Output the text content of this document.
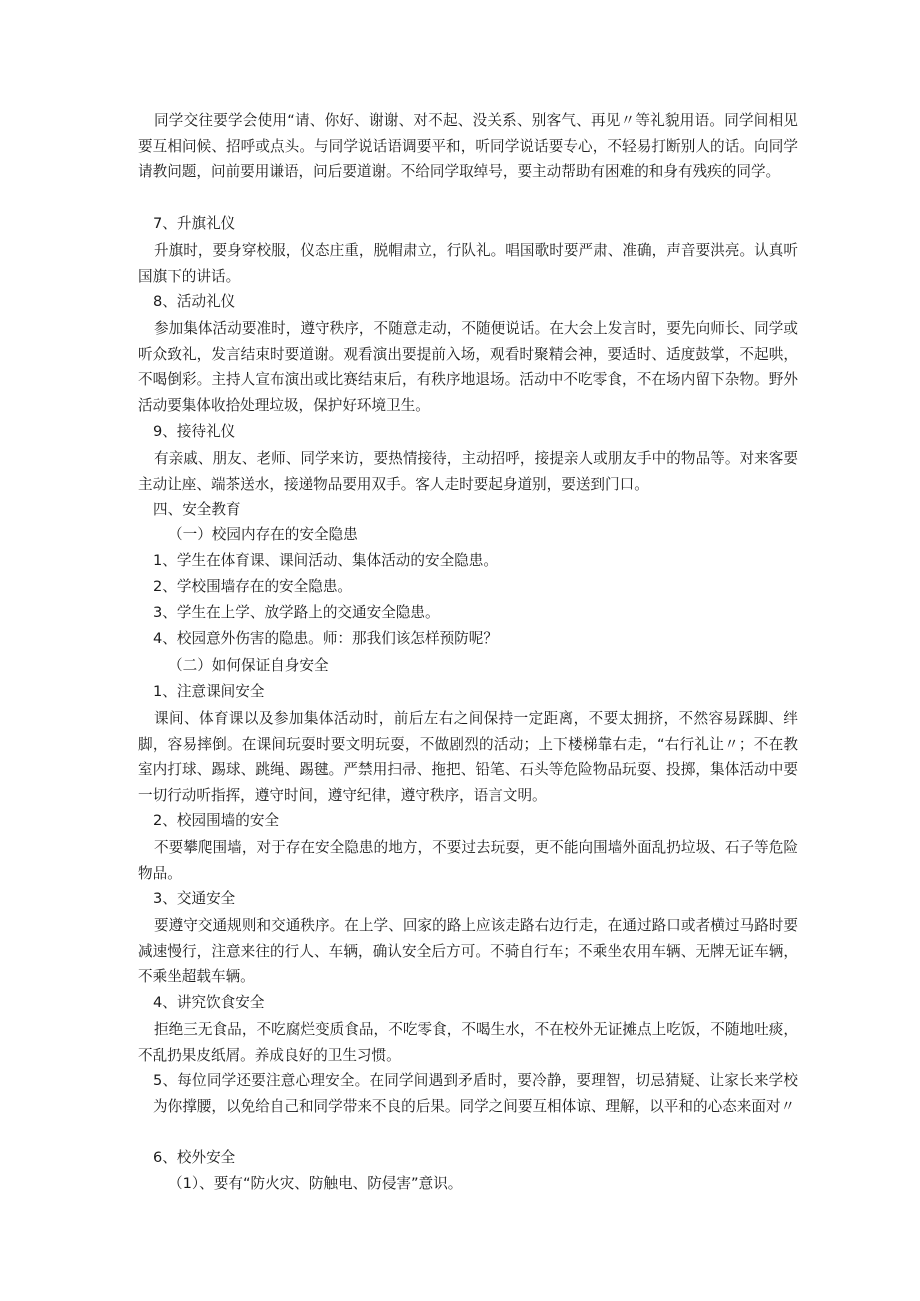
同学交往要学会使用“请、你好、谢谢、对不起、没关系、别客气、再见〃等礼貌用语。同学间相见要互相问候、招呼或点头。与同学说话语调要平和，听同学说话要专心，不轻易打断别人的话。向同学请教问题，问前要用谦语，问后要道谢。不给同学取绰号，要主动帮助有困难的和身有残疾的同学。

7、升旗礼仪

升旗时，要身穿校服，仪态庄重，脱帽肃立，行队礼。唱国歌时要严肃、准确，声音要洪亮。认真听国旗下的讲话。

8、活动礼仪

参加集体活动要准时，遵守秩序，不随意走动，不随便说话。在大会上发言时，要先向师长、同学或听众致礼，发言结束时要道谢。观看演出要提前入场，观看时聚精会神，要适时、适度鼓掌，不起哄，不喝倒彩。主持人宣布演出或比赛结束后，有秩序地退场。活动中不吃零食，不在场内留下杂物。野外活动要集体收拾处理垃圾，保护好环境卫生。

9、接待礼仪

有亲戚、朋友、老师、同学来访，要热情接待，主动招呼，接提亲人或朋友手中的物品等。对来客要主动让座、端茶送水，接递物品要用双手。客人走时要起身道别，要送到门口。

四、安全教育

（一）校园内存在的安全隐患

1、学生在体育课、课间活动、集体活动的安全隐患。

2、学校围墙存在的安全隐患。

3、学生在上学、放学路上的交通安全隐患。

4、校园意外伤害的隐患。师：那我们该怎样预防呢？

（二）如何保证自身安全

1、注意课间安全

课间、体育课以及参加集体活动时，前后左右之间保持一定距离，不要太拥挤，不然容易踩脚、绊脚，容易摔倒。在课间玩耍时要文明玩耍，不做剧烈的活动；上下楼梯靠右走，“右行礼让〃；不在教室内打球、踢球、跳绳、踢毽。严禁用扫帚、拖把、铅笔、石头等危险物品玩耍、投掷，集体活动中要一切行动听指挥，遵守时间，遵守纪律，遵守秩序，语言文明。

2、校园围墙的安全

不要攀爬围墙，对于存在安全隐患的地方，不要过去玩耍，更不能向围墙外面乱扔垃圾、石子等危险物品。

3、交通安全

要遵守交通规则和交通秩序。在上学、回家的路上应该走路右边行走，在通过路口或者横过马路时要减速慢行，注意来往的行人、车辆，确认安全后方可。不骑自行车；不乘坐农用车辆、无牌无证车辆，不乘坐超载车辆。

4、讲究饮食安全

拒绝三无食品，不吃腐烂变质食品，不吃零食，不喝生水，不在校外无证摊点上吃饭，不随地吐痰，不乱扔果皮纸屑。养成良好的卫生习惯。

5、每位同学还要注意心理安全。在同学间遇到矛盾时，要冷静，要理智，切忌猜疑、让家长来学校为你撑腰，以免给自己和同学带来不良的后果。同学之间要互相体谅、理解，以平和的心态来面对〃

6、校外安全

（1）、要有“防火灾、防触电、防侵害”意识。
